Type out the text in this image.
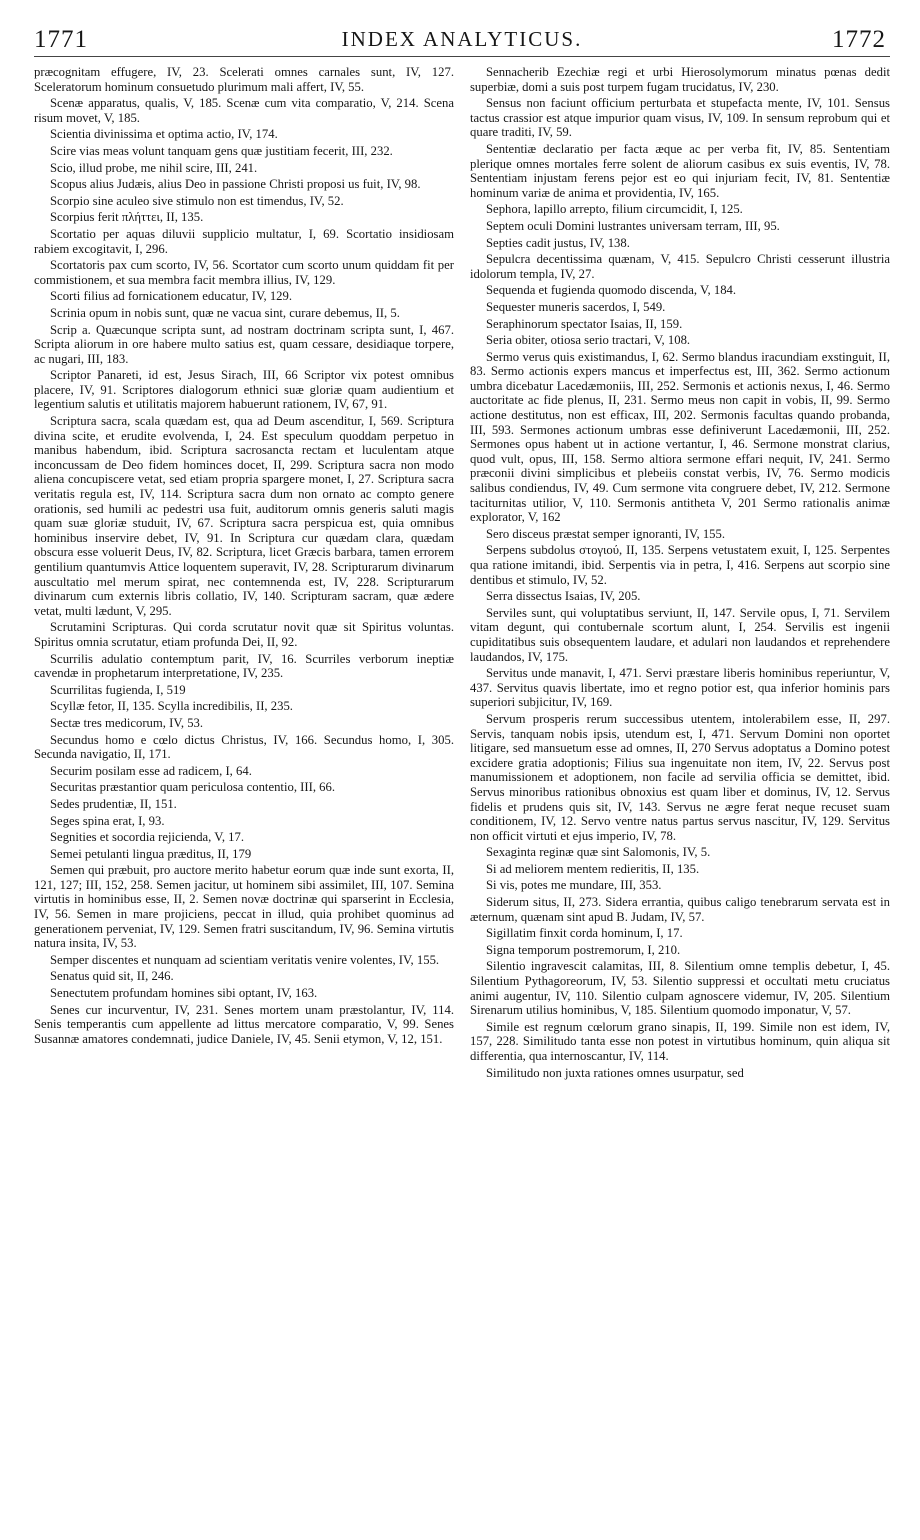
1771	INDEX ANALYTICUS.	1772

præcognitam effugere, IV, 23. Scelerati omnes carnales sunt, IV, 127. Sceleratorum hominum consuetudo plurimum mali affert, IV, 55.

Scenæ apparatus, qualis, V, 185. Scenæ cum vita comparatio, V, 214. Scena risum movet, V, 185.

Scientia divinissima et optima actio, IV, 174.

Scire vias meas volunt tanquam gens quæ justitiam fecerit, III, 232.

Scio, illud probe, me nihil scire, III, 241.

Scopus alius Judæis, alius Deo in passione Christi proposi us fuit, IV, 98.

Scorpio sine aculeo sive stimulo non est timendus, IV, 52.

Scorpius ferit πλήττει, II, 135.

Scortatio per aquas diluvii supplicio multatur, I, 69. Scortatio insidiosam rabiem excogitavit, I, 296.

Scortatoris pax cum scorto, IV, 56. Scortator cum scorto unum quiddam fit per commistionem, et sua membra facit membra illius, IV, 129.

Scorti filius ad fornicationem educatur, IV, 129.

Scrinia opum in nobis sunt, quæ ne vacua sint, curare debemus, II, 5.

Scrip a. Quæcunque scripta sunt, ad nostram doctrinam scripta sunt, I, 467. Scripta aliorum in ore habere multo satius est, quam cessare, desidiaque torpere, ac nugari, III, 183.

Scriptor Panareti, id est, Jesus Sirach, III, 66 Scriptor vix potest omnibus placere, IV, 91. Scriptores dialogorum ethnici suæ gloriæ quam audientium et legentium salutis et utilitatis majorem habuerunt rationem, IV, 67, 91.

Scriptura sacra, scala quædam est, qua ad Deum ascenditur, I, 569. Scriptura divina scite, et erudite evolvenda, I, 24. Est speculum quoddam perpetuo in manibus habendum, ibid. Scriptura sacrosancta rectam et luculentam atque inconcussam de Deo fidem hominces docet, II, 299. Scriptura sacra non modo aliena concupiscere vetat, sed etiam propria spargere monet, I, 27. Scriptura sacra veritatis regula est, IV, 114. Scriptura sacra dum non ornato ac compto genere orationis, sed humili ac pedestri usa fuit, auditorum omnis generis saluti magis quam suæ gloriæ studuit, IV, 67. Scriptura sacra perspicua est, quia omnibus hominibus inservire debet, IV, 91. In Scriptura cur quædam clara, quædam obscura esse voluerit Deus, IV, 82. Scriptura, licet Græcis barbara, tamen errorem gentilium quantumvis Attice loquentem superavit, IV, 28. Scripturarum divinarum auscultatio mel merum spirat, nec contemnenda est, IV, 228. Scripturarum divinarum cum externis libris collatio, IV, 140. Scripturam sacram, quæ ædere vetat, multi lædunt, V, 295.

Scrutamini Scripturas. Qui corda scrutatur novit quæ sit Spiritus voluntas. Spiritus omnia scrutatur, etiam profunda Dei, II, 92.

Scurrilis adulatio contemptum parit, IV, 16. Scurriles verborum ineptiæ cavendæ in prophetarum interpretatione, IV, 235.

Scurrilitas fugienda, I, 519

Scyllæ fetor, II, 135. Scylla incredibilis, II, 235.

Sectæ tres medicorum, IV, 53.

Secundus homo e cœlo dictus Christus, IV, 166. Secundus homo, I, 305. Secunda navigatio, II, 171.

Securim posilam esse ad radicem, I, 64.

Securitas præstantior quam periculosa contentio, III, 66.

Sedes prudentiæ, II, 151.

Seges spina erat, I, 93.

Segnities et socordia rejicienda, V, 17.

Semei petulanti lingua præditus, II, 179

Semen qui præbuit, pro auctore merito habetur eorum quæ inde sunt exorta, II, 121, 127; III, 152, 258. Semen jacitur, ut hominem sibi assimilet, III, 107. Semina virtutis in hominibus esse, II, 2. Semen novæ doctrinæ qui sparserint in Ecclesia, IV, 56. Semen in mare projiciens, peccat in illud, quia prohibet quominus ad generationem perveniat, IV, 129. Semen fratri suscitandum, IV, 96. Semina virtutis natura insita, IV, 53.

Semper discentes et nunquam ad scientiam veritatis venire volentes, IV, 155.

Senatus quid sit, II, 246.

Senectutem profundam homines sibi optant, IV, 163.

Senes cur incurventur, IV, 231. Senes mortem unam præstolantur, IV, 114. Senis temperantis cum appellente ad littus mercatore comparatio, V, 99. Senes Susannæ amatores condemnati, judice Daniele, IV, 45. Senii etymon, V, 12, 151.

Sennacherib Ezechiæ regi et urbi Hierosolymorum minatus pœnas dedit superbiæ, domi a suis post turpem fugam trucidatus, IV, 230.

Sensus non faciunt officium perturbata et stupefacta mente, IV, 101. Sensus tactus crassior est atque impurior quam visus, IV, 109. In sensum reprobum qui et quare traditi, IV, 59.

Sententiæ declaratio per facta æque ac per verba fit, IV, 85. Sententiam plerique omnes mortales ferre solent de aliorum casibus ex suis eventis, IV, 78. Sententiam injustam ferens pejor est eo qui injuriam fecit, IV, 81. Sententiæ hominum variæ de anima et providentia, IV, 165.

Sephora, lapillo arrepto, filium circumcidit, I, 125.

Septem oculi Domini lustrantes universam terram, III, 95.

Septies cadit justus, IV, 138.

Sepulcra decentissima quænam, V, 415. Sepulcro Christi cesserunt illustria idolorum templa, IV, 27.

Sequenda et fugienda quomodo discenda, V, 184.

Sequester muneris sacerdos, I, 549.

Seraphinorum spectator Isaias, II, 159.

Seria obiter, otiosa serio tractari, V, 108.

Sermo verus quis existimandus, I, 62. Sermo blandus iracundiam exstinguit, II, 83. Sermo actionis expers mancus et imperfectus est, III, 362. Sermo actionum umbra dicebatur Lacedæmoniis, III, 252. Sermonis et actionis nexus, I, 46. Sermo auctoritate ac fide plenus, II, 231. Sermo meus non capit in vobis, II, 99. Sermo actione destitutus, non est efficax, III, 202. Sermonis facultas quando probanda, III, 593. Sermones actionum umbras esse definiverunt Lacedæmonii, III, 252. Sermones opus habent ut in actione vertantur, I, 46. Sermone monstrat clarius, quod vult, opus, III, 158. Sermo altiora sermone effari nequit, IV, 241. Sermo præconii divini simplicibus et plebeiis constat verbis, IV, 76. Sermo modicis salibus condiendus, IV, 49. Cum sermone vita congruere debet, IV, 212. Sermone taciturnitas utilior, V, 110. Sermonis antitheta V, 201 Sermo rationalis animæ explorator, V, 162

Sero disceus præstat semper ignoranti, IV, 155.

Serpens subdolus στογιού, II, 135. Serpens vetustatem exuit, I, 125. Serpentes qua ratione imitandi, ibid. Serpentis via in petra, I, 416. Serpens aut scorpio sine dentibus et stimulo, IV, 52.

Serra dissectus Isaias, IV, 205.

Serviles sunt, qui voluptatibus serviunt, II, 147. Servile opus, I, 71. Servilem vitam degunt, qui contubernale scortum alunt, I, 254. Servilis est ingenii cupiditatibus suis obsequentem laudare, et adulari non laudandos et reprehendere laudandos, IV, 175.

Servitus unde manavit, I, 471. Servi præstare liberis hominibus reperiuntur, V, 437. Servitus quavis libertate, imo et regno potior est, qua inferior hominis pars superiori subjicitur, IV, 169.

Servum prosperis rerum successibus utentem, intolerabilem esse, II, 297. Servis, tanquam nobis ipsis, utendum est, I, 471. Servum Domini non oportet litigare, sed mansuetum esse ad omnes, II, 270 Servus adoptatus a Domino potest excidere gratia adoptionis; Filius sua ingenuitate non item, IV, 22. Servus post manumissionem et adoptionem, non facile ad servilia officia se demittet, ibid. Servus minoribus rationibus obnoxius est quam liber et dominus, IV, 12. Servus fidelis et prudens quis sit, IV, 143. Servus ne ægre ferat neque recuset suam conditionem, IV, 12. Servo ventre natus partus servus nascitur, IV, 129. Servitus non officit virtuti et ejus imperio, IV, 78.

Sexaginta reginæ quæ sint Salomonis, IV, 5.

Si ad meliorem mentem redieritis, II, 135.

Si vis, potes me mundare, III, 353.

Siderum situs, II, 273. Sidera errantia, quibus caligo tenebrarum servata est in æternum, quænam sint apud B. Judam, IV, 57.

Sigillatim finxit corda hominum, I, 17.

Signa temporum postremorum, I, 210.

Silentio ingravescit calamitas, III, 8. Silentium omne templis debetur, I, 45. Silentium Pythagoreorum, IV, 53. Silentio suppressi et occultati metu cruciatus animi augentur, IV, 110. Silentio culpam agnoscere videmur, IV, 205. Silentium Sirenarum utilius hominibus, V, 185. Silentium quomodo imponatur, V, 57.

Simile est regnum cœlorum grano sinapis, II, 199. Simile non est idem, IV, 157, 228. Similitudo tanta esse non potest in virtutibus hominum, quin aliqua sit differentia, qua internoscantur, IV, 114.

Similitudo non juxta rationes omnes usurpatur, sed
